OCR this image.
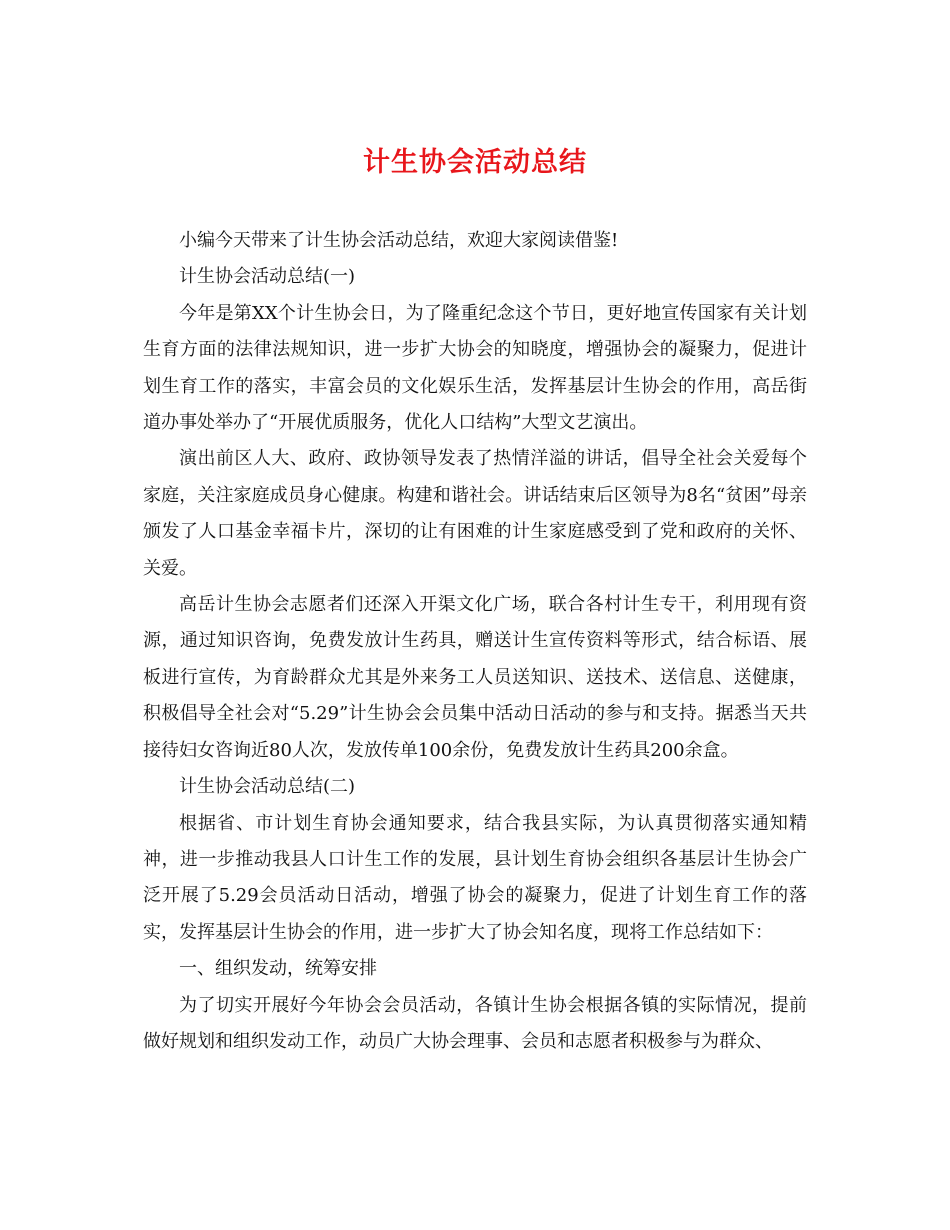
计生协会活动总结

小编今天带来了计生协会活动总结，欢迎大家阅读借鉴!

计生协会活动总结(一)

今年是第XX个计生协会日，为了隆重纪念这个节日，更好地宣传国家有关计划生育方面的法律法规知识，进一步扩大协会的知晓度，增强协会的凝聚力，促进计划生育工作的落实，丰富会员的文化娱乐生活，发挥基层计生协会的作用，高岳街道办事处举办了“开展优质服务，优化人口结构”大型文艺演出。

演出前区人大、政府、政协领导发表了热情洋溢的讲话，倡导全社会关爱每个家庭，关注家庭成员身心健康。构建和谐社会。讲话结束后区领导为8名“贫困”母亲颁发了人口基金幸福卡片，深切的让有困难的计生家庭感受到了党和政府的关怀、关爱。

高岳计生协会志愿者们还深入开渠文化广场，联合各村计生专干，利用现有资源，通过知识咨询，免费发放计生药具，赠送计生宣传资料等形式，结合标语、展板进行宣传，为育龄群众尤其是外来务工人员送知识、送技术、送信息、送健康，积极倡导全社会对“5.29”计生协会会员集中活动日活动的参与和支持。据悉当天共接待妇女咨询近80人次，发放传单100余份，免费发放计生药具200余盒。

计生协会活动总结(二)

根据省、市计划生育协会通知要求，结合我县实际，为认真贯彻落实通知精神，进一步推动我县人口计生工作的发展，县计划生育协会组织各基层计生协会广泛开展了5.29会员活动日活动，增强了协会的凝聚力，促进了计划生育工作的落实，发挥基层计生协会的作用，进一步扩大了协会知名度，现将工作总结如下：

一、组织发动，统筹安排

为了切实开展好今年协会会员活动，各镇计生协会根据各镇的实际情况，提前做好规划和组织发动工作，动员广大协会理事、会员和志愿者积极参与为群众、
